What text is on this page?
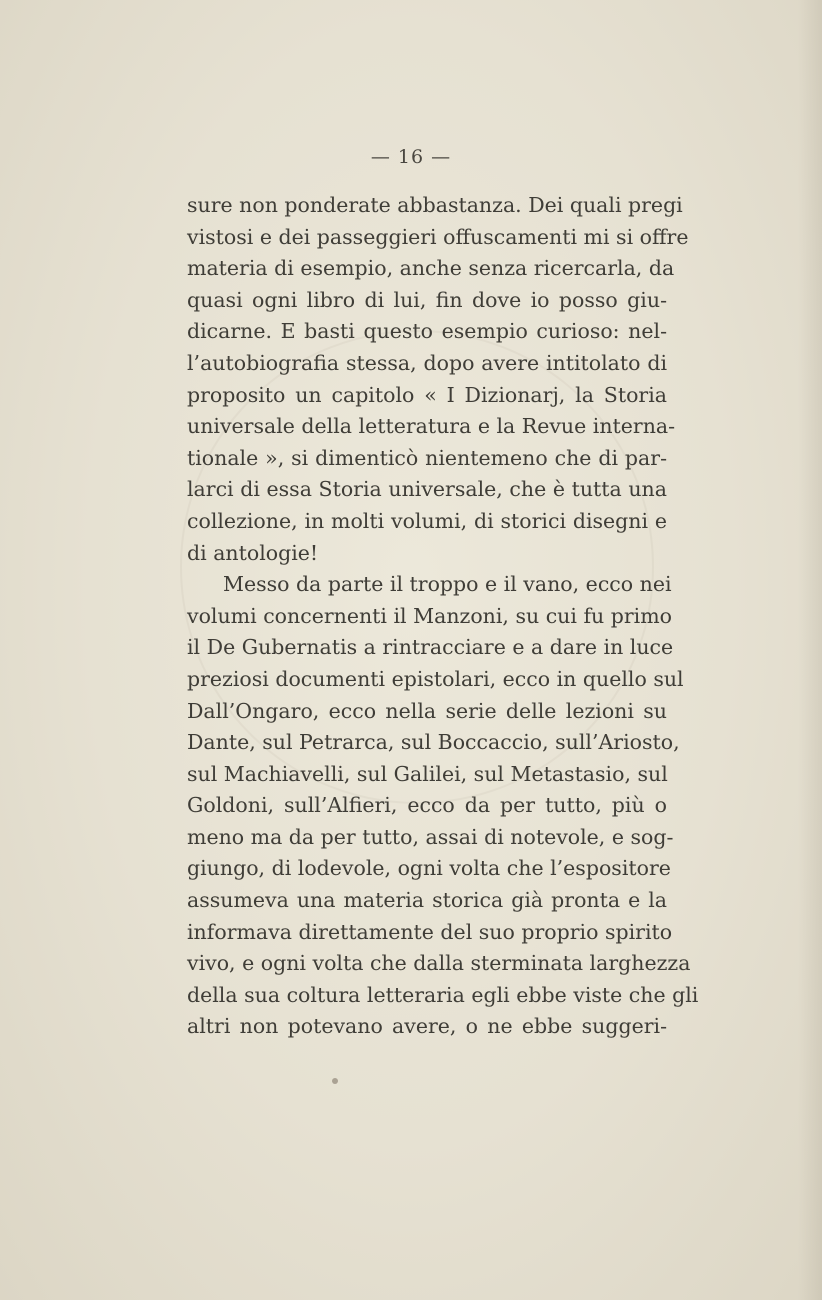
— 16 —
sure non ponderate abbastanza. Dei quali pregi
vistosi e dei passeggieri offuscamenti mi si offre
materia di esempio, anche senza ricercarla, da
quasi ogni libro di lui, fin dove io posso giu-
dicarne. E basti questo esempio curioso: nel-
l’autobiografia stessa, dopo avere intitolato di
proposito un capitolo « I Dizionarj, la Storia
universale della letteratura e la Revue interna-
tionale », si dimenticò nientemeno che di par-
larci di essa Storia universale, che è tutta una
collezione, in molti volumi, di storici disegni e
di antologie!
Messo da parte il troppo e il vano, ecco nei
volumi concernenti il Manzoni, su cui fu primo
il De Gubernatis a rintracciare e a dare in luce
preziosi documenti epistolari, ecco in quello sul
Dall’Ongaro, ecco nella serie delle lezioni su
Dante, sul Petrarca, sul Boccaccio, sull’Ariosto,
sul Machiavelli, sul Galilei, sul Metastasio, sul
Goldoni, sull’Alfieri, ecco da per tutto, più o
meno ma da per tutto, assai di notevole, e sog-
giungo, di lodevole, ogni volta che l’espositore
assumeva una materia storica già pronta e la
informava direttamente del suo proprio spirito
vivo, e ogni volta che dalla sterminata larghezza
della sua coltura letteraria egli ebbe viste che gli
altri non potevano avere, o ne ebbe suggeri-
